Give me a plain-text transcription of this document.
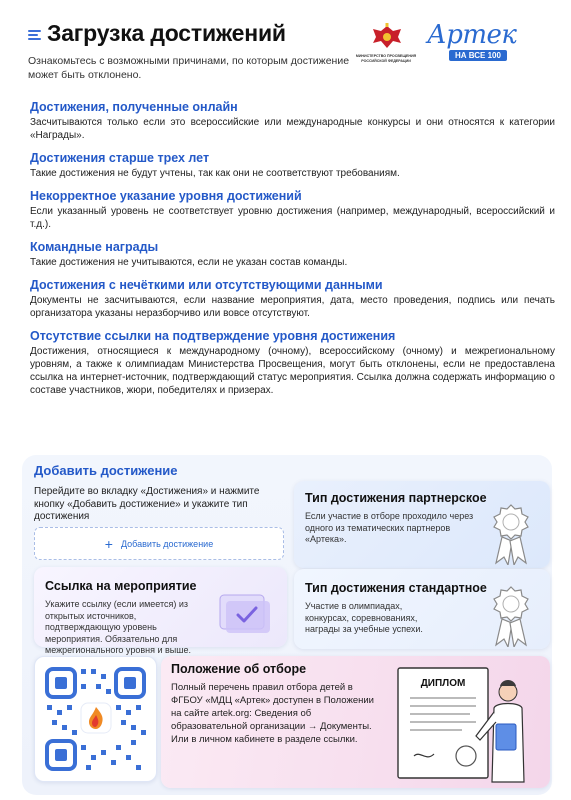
Загрузка достижений
Ознакомьтесь с возможными причинами, по которым достижение может быть отклонено.
МИНИСТЕРСТВО ПРОСВЕЩЕНИЯ РОССИЙСКОЙ ФЕДЕРАЦИИ
Артек
НА ВСЕ 100
Достижения, полученные онлайн
Засчитываются только если это всероссийские или международные конкурсы и они относятся к категории «Награды».
Достижения старше трех лет
Такие достижения не будут учтены, так как они не соответствуют требованиям.
Некорректное указание уровня достижений
Если указанный уровень не соответствует уровню достижения (например, международный, всероссийский и т.д.).
Командные награды
Такие достижения не учитываются, если не указан состав команды.
Достижения с нечёткими или отсутствующими данными
Документы не засчитываются, если название мероприятия, дата, место проведения, подпись или печать организатора указаны неразборчиво или вовсе отсутствуют.
Отсутствие ссылки на подтверждение уровня достижения
Достижения, относящиеся к международному (очному), всероссийскому (очному) и межрегиональному уровням, а также к олимпиадам Министерства Просвещения, могут быть отклонены, если не предоставлена ссылка на интернет-источник, подтверждающий статус мероприятия. Ссылка должна содержать информацию о составе участников, жюри, победителях и призерах.
Добавить достижение
Перейдите во вкладку «Достижения» и нажмите кнопку «Добавить достижение» и укажите тип достижения
+ Добавить достижение
Тип достижения партнерское

Если участие в отборе проходило через одного из тематических партнеров «Артека».

Ссылка на мероприятие

Укажите ссылку (если имеется) из открытых источников, подтверждающую уровень мероприятия. Обязательно для межрегионального уровня и выше.

Тип достижения стандартное

Участие в олимпиадах, конкурсах, соревнованиях, награды за учебные успехи.

Положение об отборе

Полный перечень правил отбора детей в ФГБОУ «МДЦ «Артек» доступен в Положении на сайте artek.org: Сведения об образовательной организации → Документы. Или в личном кабинете в разделе ссылки.

ДИПЛОМ
